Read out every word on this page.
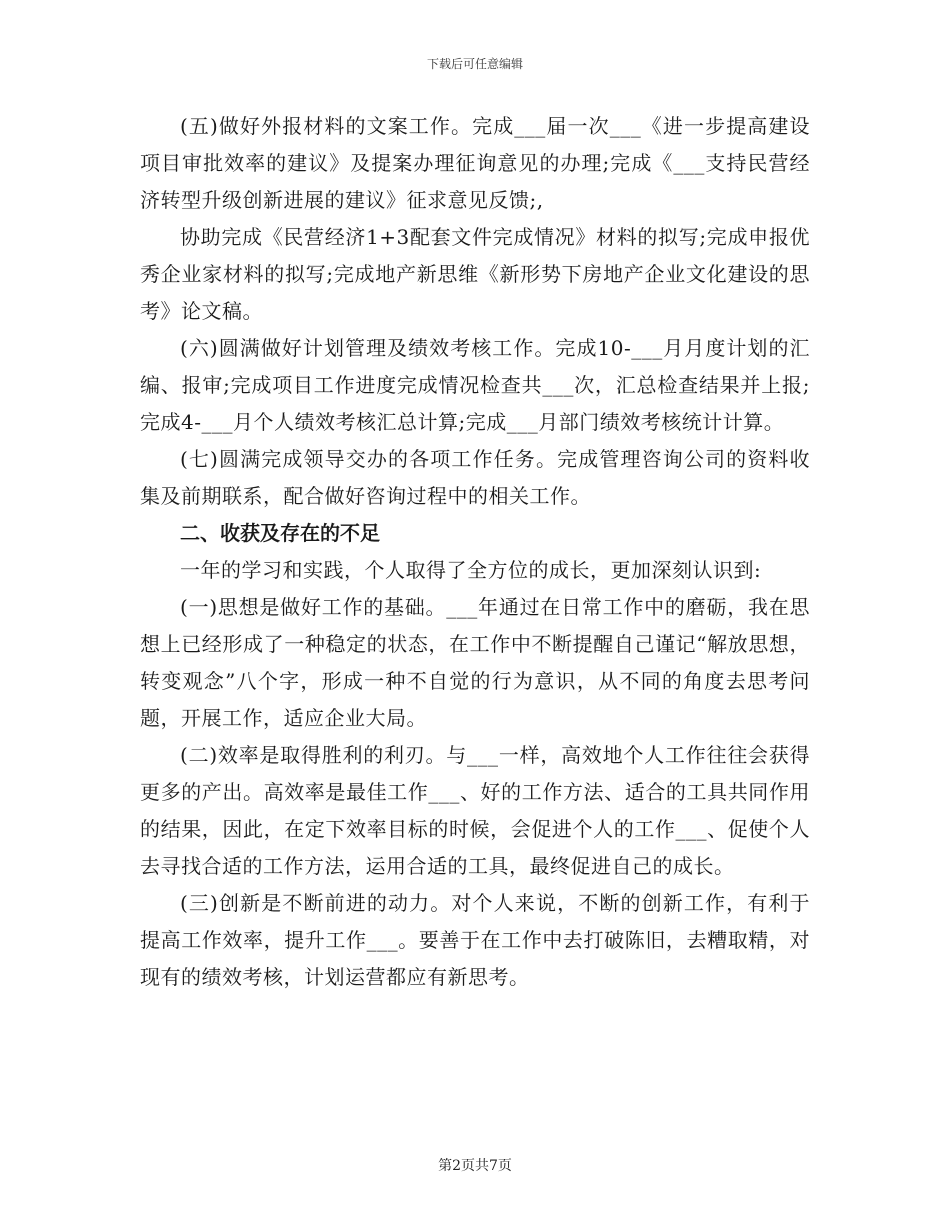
下载后可任意编辑

(五)做好外报材料的文案工作。完成___届一次___《进一步提高建设项目审批效率的建议》及提案办理征询意见的办理;完成《___支持民营经济转型升级创新进展的建议》征求意见反馈;,

协助完成《民营经济1+3配套文件完成情况》材料的拟写;完成申报优秀企业家材料的拟写;完成地产新思维《新形势下房地产企业文化建设的思考》论文稿。

(六)圆满做好计划管理及绩效考核工作。完成10-___月月度计划的汇编、报审;完成项目工作进度完成情况检查共___次，汇总检查结果并上报;完成4-___月个人绩效考核汇总计算;完成___月部门绩效考核统计计算。

(七)圆满完成领导交办的各项工作任务。完成管理咨询公司的资料收集及前期联系，配合做好咨询过程中的相关工作。

二、收获及存在的不足

一年的学习和实践，个人取得了全方位的成长，更加深刻认识到:

(一)思想是做好工作的基础。___年通过在日常工作中的磨砺，我在思想上已经形成了一种稳定的状态，在工作中不断提醒自己谨记“解放思想，转变观念”八个字，形成一种不自觉的行为意识，从不同的角度去思考问题，开展工作，适应企业大局。

(二)效率是取得胜利的利刃。与___一样，高效地个人工作往往会获得更多的产出。高效率是最佳工作___、好的工作方法、适合的工具共同作用的结果，因此，在定下效率目标的时候，会促进个人的工作___、促使个人去寻找合适的工作方法，运用合适的工具，最终促进自己的成长。

(三)创新是不断前进的动力。对个人来说，不断的创新工作，有利于提高工作效率，提升工作___。要善于在工作中去打破陈旧，去糟取精，对现有的绩效考核，计划运营都应有新思考。

第2页共7页
